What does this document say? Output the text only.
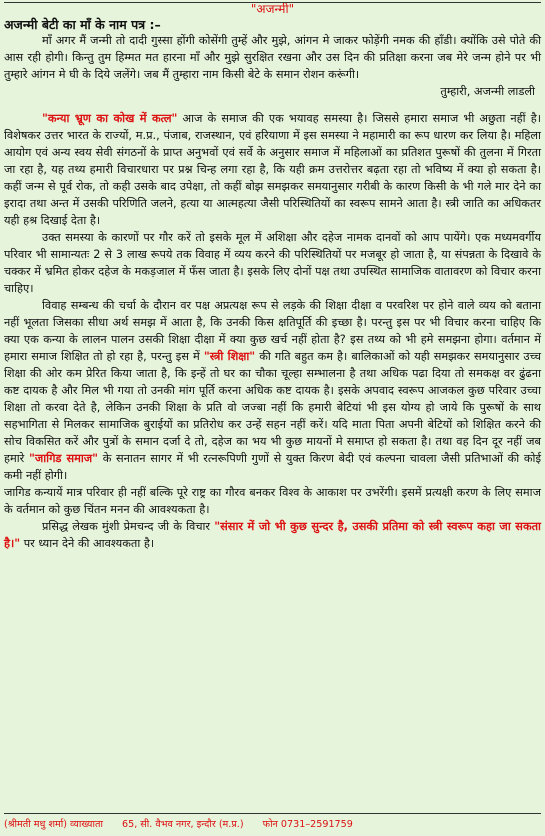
"अजन्मी"
अजन्मी बेटी का माँ के नाम पत्र :–

माँ अगर मैं जन्मी तो दादी गुस्सा होंगी कोसेंगी तुम्हें और मुझे, आंगन मे जाकर फोड़ेंगी नमक की हाँडी। क्योंकि उसे पोते की आस रही होगी। किन्तु तुम हिम्मत मत हारना माँ और मुझे सुरक्षित रखना और उस दिन की प्रतिक्षा करना जब मेरे जन्म होने पर भी तुम्हारे आंगन मे घी के दिये जलेंगे। जब मैं तुम्हारा नाम किसी बेटे के समान रोशन करूंगी।

तुम्हारी, अजन्मी लाडली

"कन्या भ्रूण का कोख में कत्ल" आज के समाज की एक भयावह समस्या है। जिससे हमारा समाज भी अछुता नहीं है। विशेषकर उत्तर भारत के राज्यों, म.प्र., पंजाब, राजस्थान, एवं हरियाणा में इस समस्या ने महामारी का रूप धारण कर लिया है। महिला आयोग एवं अन्य स्वय सेवी संगठनों के प्राप्त अनुभवों एवं सर्वे के अनुसार समाज में महिलाओं का प्रतिशत पुरूषों की तुलना में गिरता जा रहा है, यह तथ्य हमारी विचारधारा पर प्रश्न चिन्ह लगा रहा है, कि यही क्रम उत्तरोत्तर बढ़ता रहा तो भविष्य में क्या हो सकता है। कहीं जन्म से पूर्व रोक, तो कही उसके बाद उपेक्षा, तो कहीं बोझ समझकर समयानुसार गरीबी के कारण किसी के भी गले मार देने का इरादा तथा अन्त में उसकी परिणिति जलने, हत्या या आत्महत्या जैसी परिस्थितियों का स्वरूप सामने आता है। स्त्री जाति का अधिकतर यही हश्र दिखाई देता है।

उक्त समस्या के कारणों पर गौर करें तो इसके मूल में अशिक्षा और दहेज नामक दानवों को आप पायेंगे। एक मध्यमवर्गीय परिवार भी सामान्यतः 2 से 3 लाख रूपये तक विवाह में व्यय करने की परिस्थितियों पर मजबूर हो जाता है, या संपन्नता के दिखावे के चक्कर में भ्रमित होकर दहेज के मकड़जाल में फँस जाता है। इसके लिए दोनों पक्ष तथा उपस्थित सामाजिक वातावरण को विचार करना चाहिए।

विवाह सम्बन्ध की चर्चा के दौरान वर पक्ष अप्रत्यक्ष रूप से लड़के की शिक्षा दीक्षा व परवरिश पर होने वाले व्यय को बताना नहीं भूलता जिसका सीधा अर्थ समझ में आता है, कि उनकी किस क्षतिपूर्ति की इच्छा है। परन्तु इस पर भी विचार करना चाहिए कि क्या एक कन्या के लालन पालन उसकी शिक्षा दीक्षा में क्या कुछ खर्च नहीं होता है? इस तथ्य को भी हमे समझना होगा। वर्तमान में हमारा समाज शिक्षित तो हो रहा है, परन्तु इस में "स्त्री शिक्षा" की गति बहुत कम है। बालिकाओं को यही समझकर समयानुसार उच्च शिक्षा की ओर कम प्रेरित किया जाता है, कि इन्हें तो घर का चौका चूल्हा सम्भालना है तथा अधिक पढा दिया तो समकक्ष वर ढुंढना कष्ट दायक है और मिल भी गया तो उनकी मांग पूर्ति करना अधिक कष्ट दायक है। इसके अपवाद स्वरूप आजकल कुछ परिवार उच्चा शिक्षा तो करवा देते है, लेकिन उनकी शिक्षा के प्रति वो जज्बा नहीं कि हमारी बेटियां भी इस योग्य हो जाये कि पुरूषों के साथ सहभागिता से मिलकर सामाजिक बुराईयों का प्रतिरोध कर उन्हें सहन नहीं करें। यदि माता पिता अपनी बेटियों को शिक्षित करने की सोच विकसित करें और पुत्रों के समान दर्जा दे तो, दहेज का भय भी कुछ मायनों मे समाप्त हो सकता है। तथा वह दिन दूर नहीं जब हमारे "जागिड समाज" के सनातन सागर में भी रत्नरूपिणी गुणों से युक्त किरण बेदी एवं कल्पना चावला जैसी प्रतिभाओं की कोई कमी नहीं होगी।

जागिड कन्यायें मात्र परिवार ही नहीं बल्कि पूरे राष्ट्र का गौरव बनकर विश्व के आकाश पर उभरेंगी। इसमें प्रत्यक्षी करण के लिए समाज के वर्तमान को कुछ चिंतन मनन की आवश्यकता है।

प्रसिद्ध लेखक मुंशी प्रेमचन्द जी के विचार "संसार में जो भी कुछ सुन्दर है, उसकी प्रतिमा को स्त्री स्वरूप कहा जा सकता है।" पर ध्यान देने की आवश्यकता है।

(श्रीमती मधु शर्मा) व्याख्याता 65, सी. वैभव नगर, इन्दौर (म.प्र.) फोन 0731–2591759
